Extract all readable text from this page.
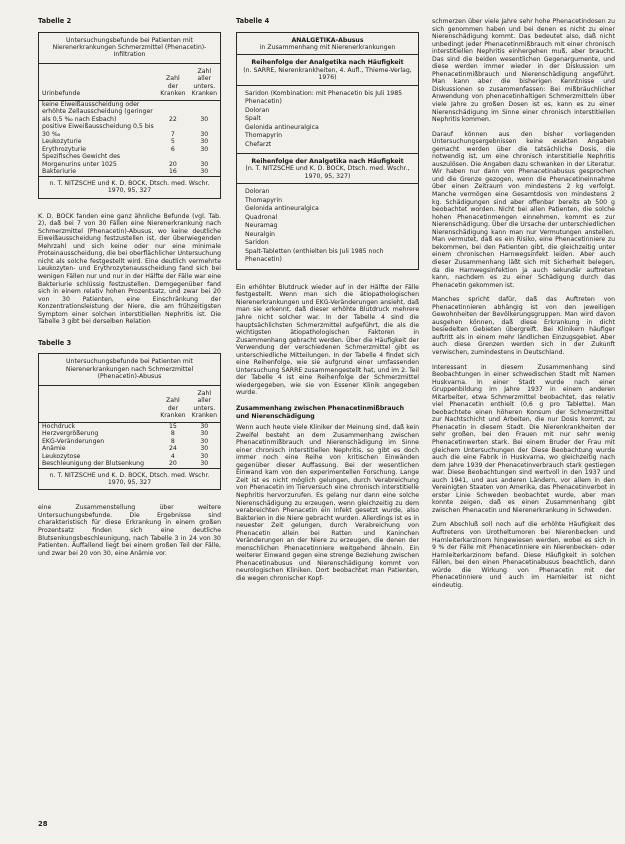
Tabelle 2
Untersuchungsbefunde bei Patienten mit Nierenerkrankungen Schmerzmittel (Phenacetin)-Infiltration
Urinbefunde	Zahl der Kranken	Zahl aller unters. Kranken
keine Eiweißausscheidung oder erhöhte Zellausscheidung (geringer als 0,5 ‰ nach Esbach)	22	30
positive Eiweißausscheidung 0,5 bis 30 ‰	7	30
Leukozyturie	5	30
Erythrozyturie	6	30
Spezifisches Gewicht des Morgenurins unter 1025	20	30
Bakteriurie	16	30
n. T. NITZSCHE und K. D. BOCK, Dtsch. med. Wschr. 1970, 95, 327
K. D. BOCK fanden eine ganz ähnliche Befunde (vgl. Tab. 2), daß bei 7 von 30 Fällen eine Nierenerkrankung nach Schmerzmittel (Phenacetin)-Abusus, wo keine deutliche Eiweißausscheidung festzustellen ist, der überwiegenden Mehrzahl und sich keine oder nur eine minimale Proteinausscheidung, die bei oberflächlicher Untersuchung nicht als solche festgestellt wird. Eine deutlich vermehrte Leukozyten- und Erythrozytenausscheidung fand sich bei wenigen Fällen nur und nur in der Hälfte der Fälle war eine Bakteriurie schlüssig festzustellen. Demgegenüber fand sich in einem relativ hohen Prozentsatz, und zwar bei 20 von 30 Patienten, eine Einschränkung der Konzentrationsleistung der Niere, die am frühzeitigsten Symptom einer solchen interstitiellen Nephritis ist. Die Tabelle 3 gibt bei derselben Relation
Tabelle 3
Untersuchungsbefunde bei Patienten mit Nierenerkrankungen nach Schmerzmittel (Phenacetin)-Abusus
	Zahl der Kranken	Zahl aller unters. Kranken
Hochdruck	15	30
Herzvergrößerung	8	30
EKG-Veränderungen	8	30
Anämie	24	30
Leukozytose	4	30
Beschleunigung der Blutsenkung	20	30
n. T. NITZSCHE und K. D. BOCK, Dtsch. med. Wschr. 1970, 95, 327
eine Zusammenstellung über weitere Untersuchungsbefunde. Die Ergebnisse sind charakteristisch für diese Erkrankung in einem großen Prozentsatz finden sich eine deutliche Blutsenkungsbeschleunigung, nach Tabelle 3 in 24 von 30 Patienten. Auffallend liegt bei einem großen Teil der Fälle, und zwar bei 20 von 30, eine Anämie vor.
Tabelle 4
ANALGETIKA-Abusus
in Zusammenhang mit Nierenerkrankungen
Reihenfolge der Analgetika nach Häufigkeit
(n. SARRE, Nierenkrankheiten, 4. Aufl., Thieme-Verlag, 1976)
Saridon (Kombination: mit Phenacetin bis Juli 1985 Phenacetin)
Doloran
Spalt
Gelonida antineuralgica
Thomapyrin
Chefarzt
Reihenfolge der Analgetika nach Häufigkeit
(n. T. NITZSCHE und K. D. BOCK, Dtsch. med. Wschr., 1970, 95, 327)
Doloran
Thomapyrin
Gelonida antineuralgica
Quadronal
Neuramag
Neuralgin
Saridon
Spalt-Tabletten (enthielten bis Juli 1985 noch Phenacetin)
Ein erhöhter Blutdruck wieder auf in der Hälfte der Fälle festgestellt. Wenn man sich die ätiopathologischen Nierenerkrankungen und EKG-Veränderungen ansieht, daß man sie erkennt, daß dieser erhöhte Blutdruck mehrere Jahre nicht solcher war. In der Tabelle 4 sind die hauptsächlichsten Schmerzmittel aufgeführt, die als die wichtigsten ätiopathologischen Faktoren in Zusammenhang gebracht werden. Über die Häufigkeit der Verwendung der verschiedenen Schmerzmittel gibt es unterschiedliche Mitteilungen. In der Tabelle 4 findet sich eine Reihenfolge, wie sie aufgrund einer umfassenden Untersuchung SARRE zusammengestellt hat, und im 2. Teil der Tabelle 4 ist eine Reihenfolge der Schmerzmittel wiedergegeben, wie sie von Essener Klinik angegeben wurde.
Zusammenhang zwischen Phenacetinmißbrauch und Nierenschädigung
Wenn auch heute viele Kliniker der Meinung sind, daß kein Zweifel besteht an dem Zusammenhang zwischen Phenacetinmißbrauch und Nierenschädigung im Sinne einer chronisch interstitiellen Nephritis, so gibt es doch immer noch eine Reihe von kritischen Einwänden gegenüber dieser Auffassung. Bei der wesentlichen Einwand kam von den experimentellen Forschung. Lange Zeit ist es nicht möglich gelungen, durch Verabreichung von Phenacetin im Tierversuch eine chronisch interstitielle Nephritis hervorzurufen. Es gelang nur dann eine solche Nierenschädigung zu erzeugen, wenn gleichzeitig zu dem verabreichten Phenacetin ein Infekt gesetzt wurde, also Bakterien in die Niere gebracht wurden. Allerdings ist es in neuester Zeit gelungen, durch Verabreichung von Phenacetin allein bei Ratten und Kaninchen Veränderungen an der Niere zu erzeugen, die denen der menschlichen Phenacetinniere weitgehend ähneln. Ein weiterer Einwand gegen eine strenge Beziehung zwischen Phenacetinabusus und Nierenschädigung kommt von neurologischen Kliniken. Dort beobachtet man Patienten, die wegen chronischer Kopf-
schmerzen über viele Jahre sehr hohe Phenacetindosen zu sich genommen haben und bei denen es nicht zu einer Nierenschädigung kommt. Das bedeutet also, daß nicht unbedingt jeder Phenacetinmißbrauch mit einer chronisch interstitiellen Nephritis einhergehen muß, aber braucht. Das sind die beiden wesentlichen Gegenargumente, und diese werden immer wieder in der Diskussion um Phenacetinmißbrauch und Nierenschädigung angeführt. Man kann aber die bisherigen Kenntnisse und Diskussionen so zusammenfassen: Bei mißbräuchlicher Anwendung von phenacetinhaltigen Schmerzmitteln über viele Jahre zu großen Dosen ist es, kann es zu einer Nierenschädigung im Sinne einer chronisch interstitiellen Nephritis kommen.
Darauf können aus den bisher vorliegenden Untersuchungsergebnissen keine exakten Angaben gemacht werden über die tatsächliche Dosis, die notwendig ist, um eine chronisch interstitielle Nephritis auszulösen. Die Angaben dazu schwanken in der Literatur. Wir haben nur dann von Phenacetinabusus gesprochen und die Grenze gezogen, wenn die Phenacetineinnahme über einen Zeitraum von mindestens 2 kg verfolgt. Manche vermögen eine Gesamtdosis von mindestens 2 kg. Schädigungen sind aber offenbar bereits ab 500 g beobachtet worden. Nicht bei allen Patienten, die solche hohen Phenacetinmengen einnehmen, kommt es zur Nierenschädigung. Über die Ursache der unterschiedlichen Nierenschädigung kann man nur Vermutungen anstellen. Man vermutet, daß es ein Risiko, eine Phenacetinniere zu bekommen, bei den Patienten gibt, die gleichzeitig unter einem chronischen Harnwegsinfekt leiden. Aber auch dieser Zusammenhang läßt sich mit Sicherheit belegen, da die Harnwegsinfektion ja auch sekundär auftreten kann, nachdem es zu einer Schädigung durch das Phenacetin gekommen ist.
Manches spricht dafür, daß das Auftreten von Phenacetinnieren abhängig ist von den jeweiligen Gewohnheiten der Bevölkerungsgruppen. Man wird davon ausgehen können, daß diese Erkrankung in dicht besiedelten Gebieten übergreift. Bei Klinikern häufiger auftritt als in einem mehr ländlichen Einzugsgebiet. Aber auch diese Grenzen werden sich in der Zukunft verwischen, zumindestens in Deutschland.
Interessant in diesem Zusammenhang sind Beobachtungen in einer schwedischen Stadt mit Namen Huskvarna. In einer Stadt wurde nach einer Gruppenbildung im Jahre 1937 in einem anderen Mitarbeiter, etwa Schmerzmittel beobachtet, das relativ viel Phenacetin enthielt (0,6 g pro Tablette). Man beobachtete einen höheren Konsum der Schmerzmittel zur Nachtschicht und Arbeiten, die nur Dosis kommt, zu Phenacetin in diesem Stadt. Die Nierenkrankheiten der sehr großen, bei den Frauen mit nur sehr wenig Phenacetinwerten stark. Bei einem Bruder der Frau mit gleichem Untersuchungen der Diese Beobachtung wurde auch die eine Fabrik in Huskvarna, wo gleichzeitig nach dem Jahre 1939 der Phenacetinverbrauch stark gestiegen war. Diese Beobachtungen sind wertvoll in den 1937 und auch 1941, und aus anderen Ländern, vor allem in den Vereinigten Staaten von Amerika, das Phenacetinverbot in erster Linie Schweden beobachtet wurde, aber man konnte zeigen, daß es einen Zusammenhang gibt zwischen Phenacetin und Nierenerkrankung in Schweden.
Zum Abschluß soll noch auf die erhöhte Häufigkeit des Auftretens von Urotheltumoren bei Nierenbecken und Harnleiterkarzinom hingewiesen werden, wobei es sich in 9 % der Fälle mit Phenacetinniere ein Nierenbecken- oder Harnleiterkarzinom befand. Diese Häufigkeit in solchen Fällen, bei den einen Phenacetinabusus beachtlich, dann würde die Wirkung von Phenacetin mit der Phenacetinniere und auch im Harnleiter ist nicht eindeutig.
28
